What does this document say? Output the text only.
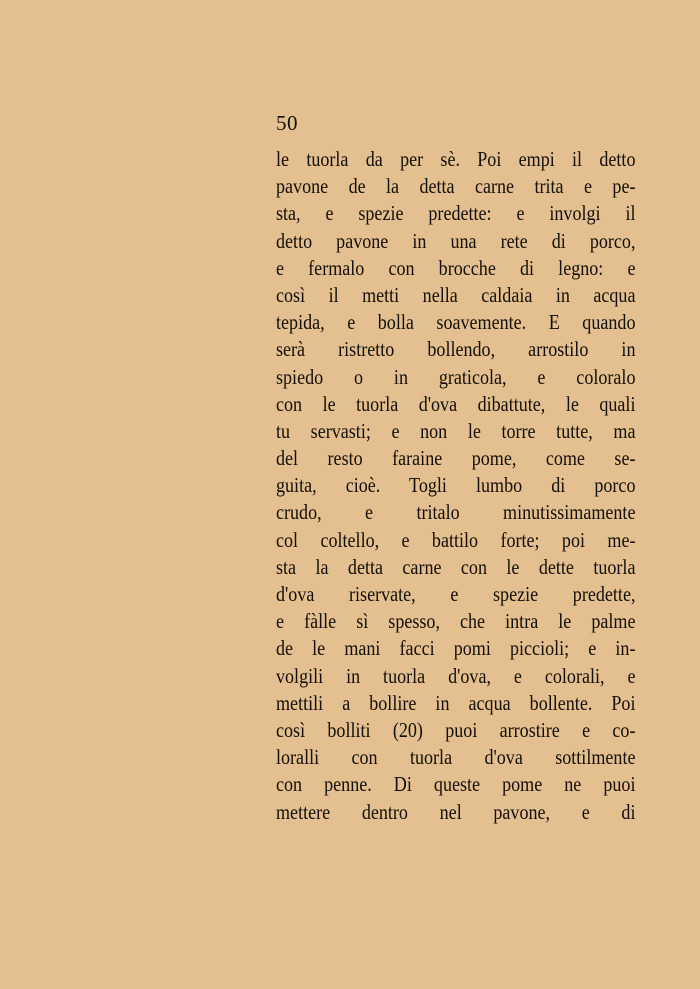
50
le tuorla da per sè. Poi empi il detto
pavone de la detta carne trita e pe-
sta, e spezie predette: e involgi il
detto pavone in una rete di porco,
e fermalo con brocche di legno: e
così il metti nella caldaia in acqua
tepida, e bolla soavemente. E quando
serà ristretto bollendo, arrostilo in
spiedo o in graticola, e coloralo
con le tuorla d'ova dibattute, le quali
tu servasti; e non le torre tutte, ma
del resto faraine pome, come se-
guita, cioè. Togli lumbo di porco
crudo, e tritalo minutissimamente
col coltello, e battilo forte; poi me-
sta la detta carne con le dette tuorla
d'ova riservate, e spezie predette,
e fàlle sì spesso, che intra le palme
de le mani facci pomi piccioli; e in-
volgili in tuorla d'ova, e colorali, e
mettili a bollire in acqua bollente. Poi
così bolliti (20) puoi arrostire e co-
loralli con tuorla d'ova sottilmente
con penne. Di queste pome ne puoi
mettere dentro nel pavone, e di
